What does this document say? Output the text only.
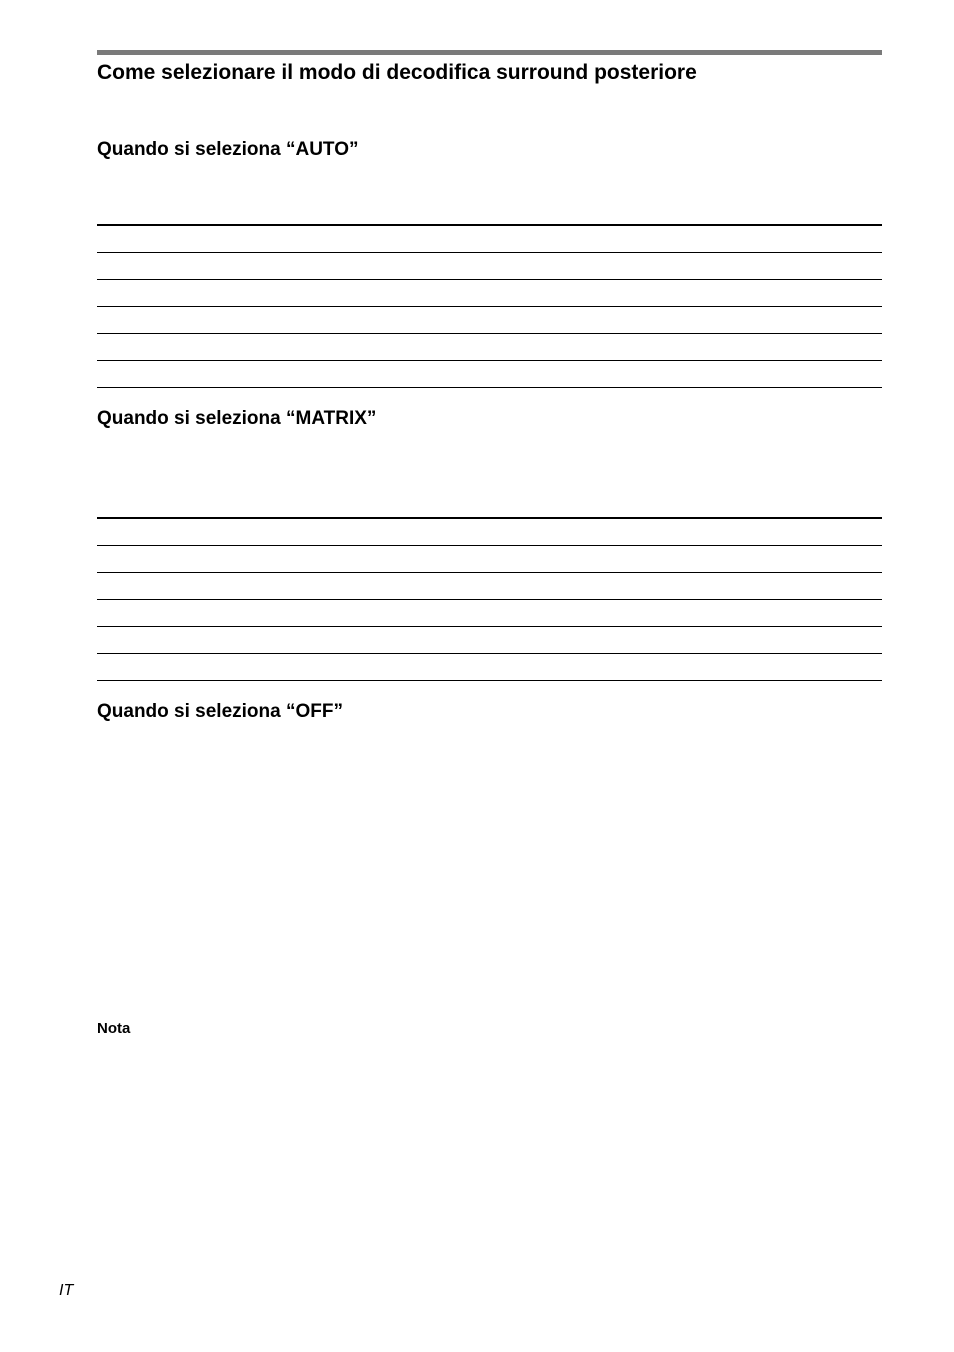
Come selezionare il modo di decodifica surround posteriore
Quando si seleziona “AUTO”
Quando si seleziona “MATRIX”
Quando si seleziona “OFF”

Nota

IT
